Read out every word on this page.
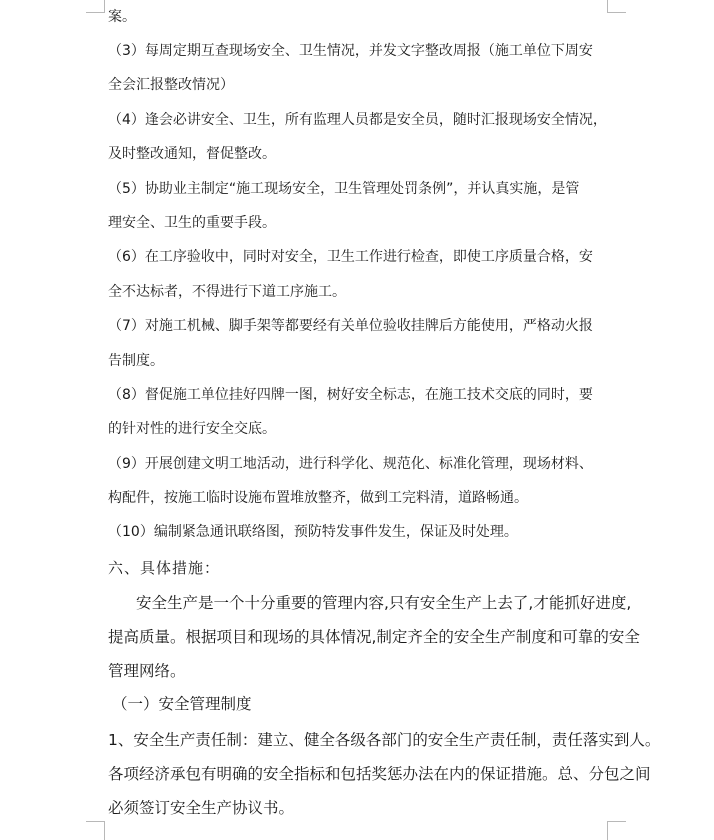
案。
（3）每周定期互查现场安全、卫生情况，并发文字整改周报（施工单位下周安
全会汇报整改情况）
（4）逢会必讲安全、卫生，所有监理人员都是安全员，随时汇报现场安全情况，
及时整改通知，督促整改。
（5）协助业主制定“施工现场安全，卫生管理处罚条例”，并认真实施，是管
理安全、卫生的重要手段。
（6）在工序验收中，同时对安全，卫生工作进行检查，即使工序质量合格，安
全不达标者，不得进行下道工序施工。
（7）对施工机械、脚手架等都要经有关单位验收挂牌后方能使用，严格动火报
告制度。
（8）督促施工单位挂好四牌一图，树好安全标志，在施工技术交底的同时，要
的针对性的进行安全交底。
（9）开展创建文明工地活动，进行科学化、规范化、标准化管理，现场材料、
构配件，按施工临时设施布置堆放整齐，做到工完料清，道路畅通。
（10）编制紧急通讯联络图，预防特发事件发生，保证及时处理。
六、具体措施：
安全生产是一个十分重要的管理内容,只有安全生产上去了,才能抓好进度,
提高质量。根据项目和现场的具体情况,制定齐全的安全生产制度和可靠的安全
管理网络。
（一）安全管理制度
1、安全生产责任制：建立、健全各级各部门的安全生产责任制，责任落实到人。
各项经济承包有明确的安全指标和包括奖惩办法在内的保证措施。总、分包之间
必须签订安全生产协议书。
